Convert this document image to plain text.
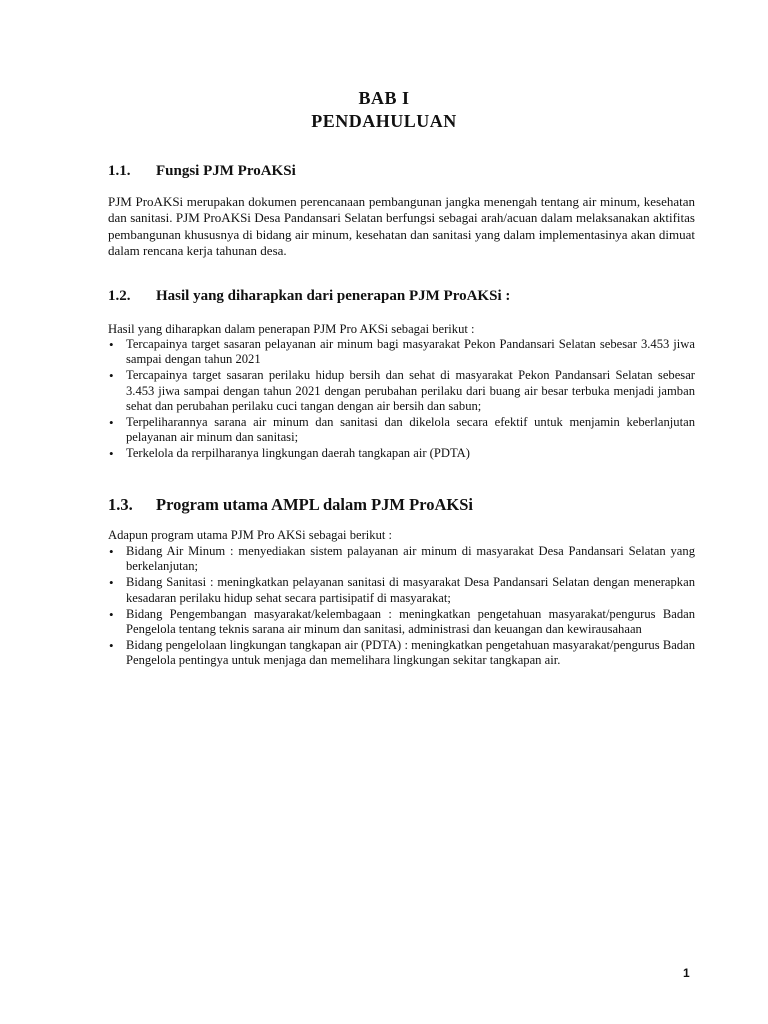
BAB I
PENDAHULUAN
1.1. Fungsi PJM ProAKSi
PJM ProAKSi merupakan dokumen perencanaan pembangunan jangka menengah tentang air minum, kesehatan dan sanitasi. PJM ProAKSi Desa Pandansari Selatan berfungsi sebagai arah/acuan dalam melaksanakan aktifitas pembangunan khususnya di bidang air minum, kesehatan dan sanitasi yang dalam implementasinya akan dimuat dalam rencana kerja tahunan desa.
1.2. Hasil yang diharapkan dari penerapan PJM ProAKSi :
Hasil yang diharapkan dalam penerapan PJM Pro AKSi sebagai berikut :
• Tercapainya target sasaran pelayanan air minum bagi masyarakat Pekon Pandansari Selatan sebesar 3.453 jiwa sampai dengan tahun 2021
• Tercapainya target sasaran perilaku hidup bersih dan sehat di masyarakat Pekon Pandansari Selatan sebesar 3.453 jiwa sampai dengan tahun 2021 dengan perubahan perilaku dari buang air besar terbuka menjadi jamban sehat dan perubahan perilaku cuci tangan dengan air bersih dan sabun;
• Terpeliharannya sarana air minum dan sanitasi dan dikelola secara efektif untuk menjamin keberlanjutan pelayanan air minum dan sanitasi;
• Terkelola da rerpilharanya lingkungan daerah tangkapan air (PDTA)
1.3. Program utama AMPL dalam PJM ProAKSi
Adapun program utama PJM Pro AKSi sebagai berikut :
• Bidang Air Minum : menyediakan sistem palayanan air minum di masyarakat Desa Pandansari Selatan yang berkelanjutan;
• Bidang Sanitasi : meningkatkan pelayanan sanitasi di masyarakat Desa Pandansari Selatan dengan menerapkan kesadaran perilaku hidup sehat secara partisipatif di masyarakat;
• Bidang Pengembangan masyarakat/kelembagaan : meningkatkan pengetahuan masyarakat/pengurus Badan Pengelola tentang teknis sarana air minum dan sanitasi, administrasi dan keuangan dan kewirausahaan
• Bidang pengelolaan lingkungan tangkapan air (PDTA) : meningkatkan pengetahuan masyarakat/pengurus Badan Pengelola pentingya untuk menjaga dan memelihara lingkungan sekitar tangkapan air.
1
